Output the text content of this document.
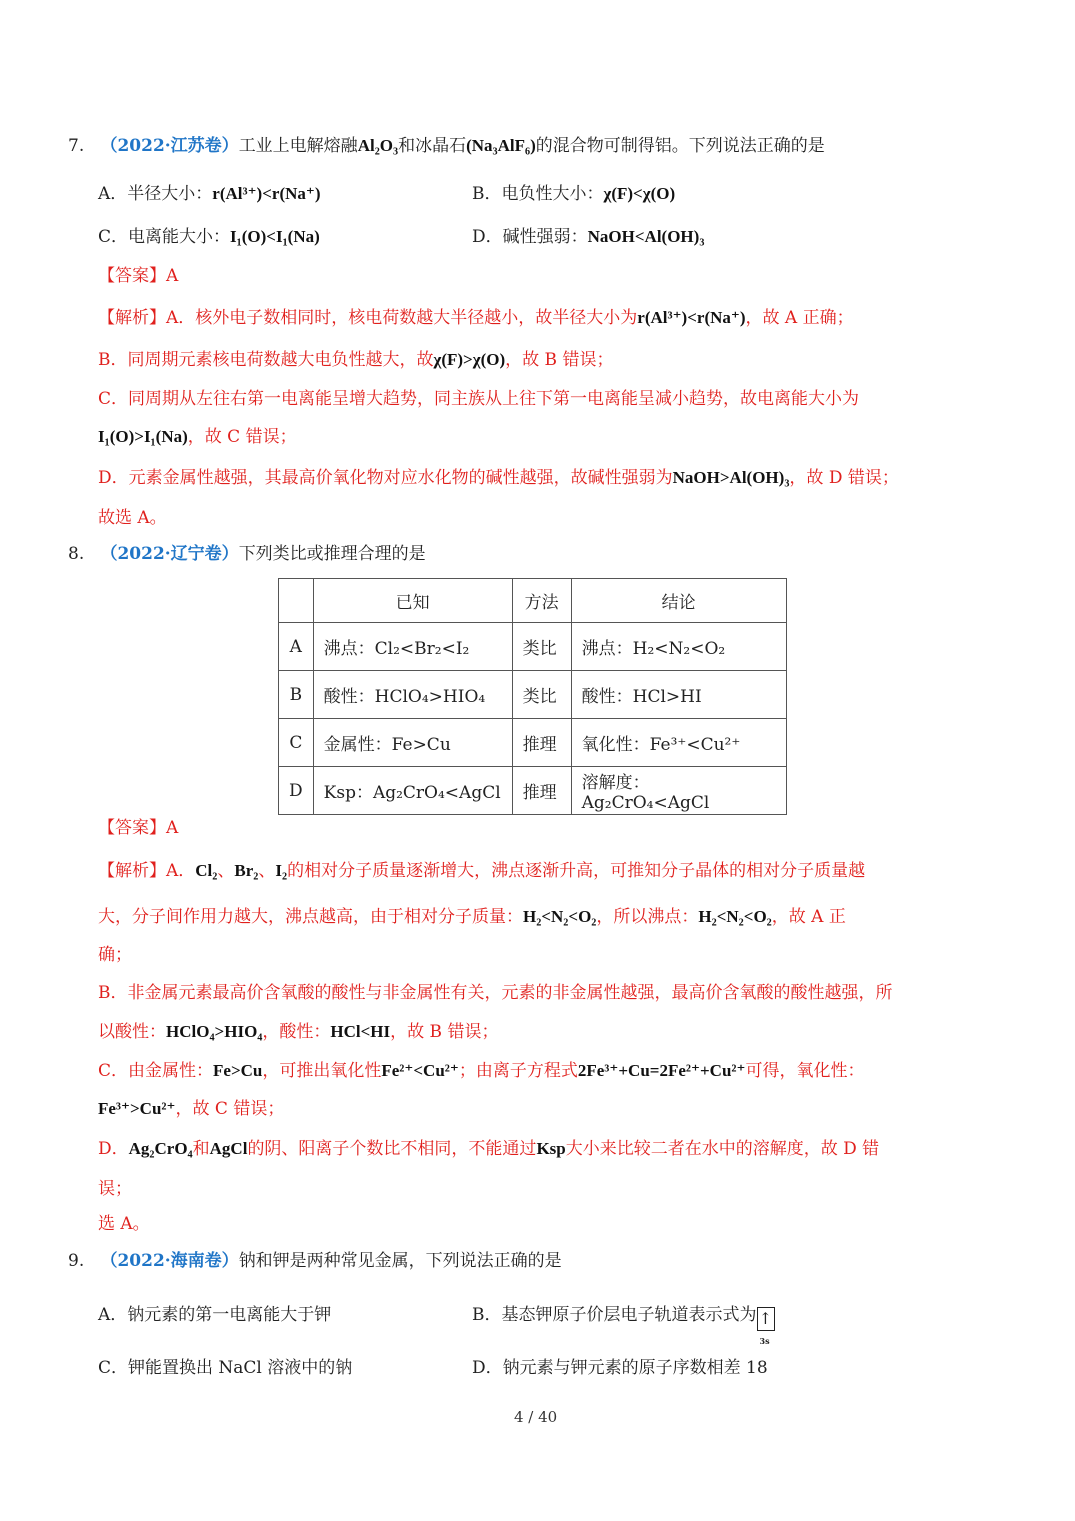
7. （2022·江苏卷）工业上电解熔融Al₂O₃和冰晶石(Na₃AlF₆)的混合物可制得铝。下列说法正确的是
A．半径大小：r(Al³⁺)<r(Na⁺)	B．电负性大小：χ(F)<χ(O)
C．电离能大小：I₁(O)<I₁(Na)	D．碱性强弱：NaOH<Al(OH)₃
【答案】A
【解析】A．核外电子数相同时，核电荷数越大半径越小，故半径大小为r(Al³⁺)<r(Na⁺)，故 A 正确；
B．同周期元素核电荷数越大电负性越大，故χ(F)>χ(O)，故 B 错误；
C．同周期从左往右第一电离能呈增大趋势，同主族从上往下第一电离能呈减小趋势，故电离能大小为
I₁(O)>I₁(Na)，故 C 错误；
D．元素金属性越强，其最高价氧化物对应水化物的碱性越强，故碱性强弱为NaOH>Al(OH)₃，故 D 错误；
故选 A。
8. （2022·辽宁卷）下列类比或推理合理的是
	已知	方法	结论
A	沸点：Cl₂<Br₂<I₂	类比	沸点：H₂<N₂<O₂
B	酸性：HClO₄>HIO₄	类比	酸性：HCl>HI
C	金属性：Fe>Cu	推理	氧化性：Fe³⁺<Cu²⁺
D	Ksp：Ag₂CrO₄<AgCl	推理	溶解度：Ag₂CrO₄<AgCl
【答案】A
【解析】A．Cl₂、Br₂、I₂的相对分子质量逐渐增大，沸点逐渐升高，可推知分子晶体的相对分子质量越
大，分子间作用力越大，沸点越高，由于相对分子质量：H₂<N₂<O₂，所以沸点：H₂<N₂<O₂，故 A 正
确；
B．非金属元素最高价含氧酸的酸性与非金属性有关，元素的非金属性越强，最高价含氧酸的酸性越强，所
以酸性：HClO₄>HIO₄，酸性：HCl<HI，故 B 错误；
C．由金属性：Fe>Cu，可推出氧化性Fe²⁺<Cu²⁺；由离子方程式2Fe³⁺+Cu=2Fe²⁺+Cu²⁺可得，氧化性：
Fe³⁺>Cu²⁺，故 C 错误；
D．Ag₂CrO₄和AgCl的阴、阳离子个数比不相同，不能通过Ksp大小来比较二者在水中的溶解度，故 D 错
误；
选 A。
9. （2022·海南卷）钠和钾是两种常见金属，下列说法正确的是
A．钠元素的第一电离能大于钾	B．基态钾原子价层电子轨道表示式为 ↑
3s
C．钾能置换出 NaCl 溶液中的钠	D．钠元素与钾元素的原子序数相差 18
4 / 40
